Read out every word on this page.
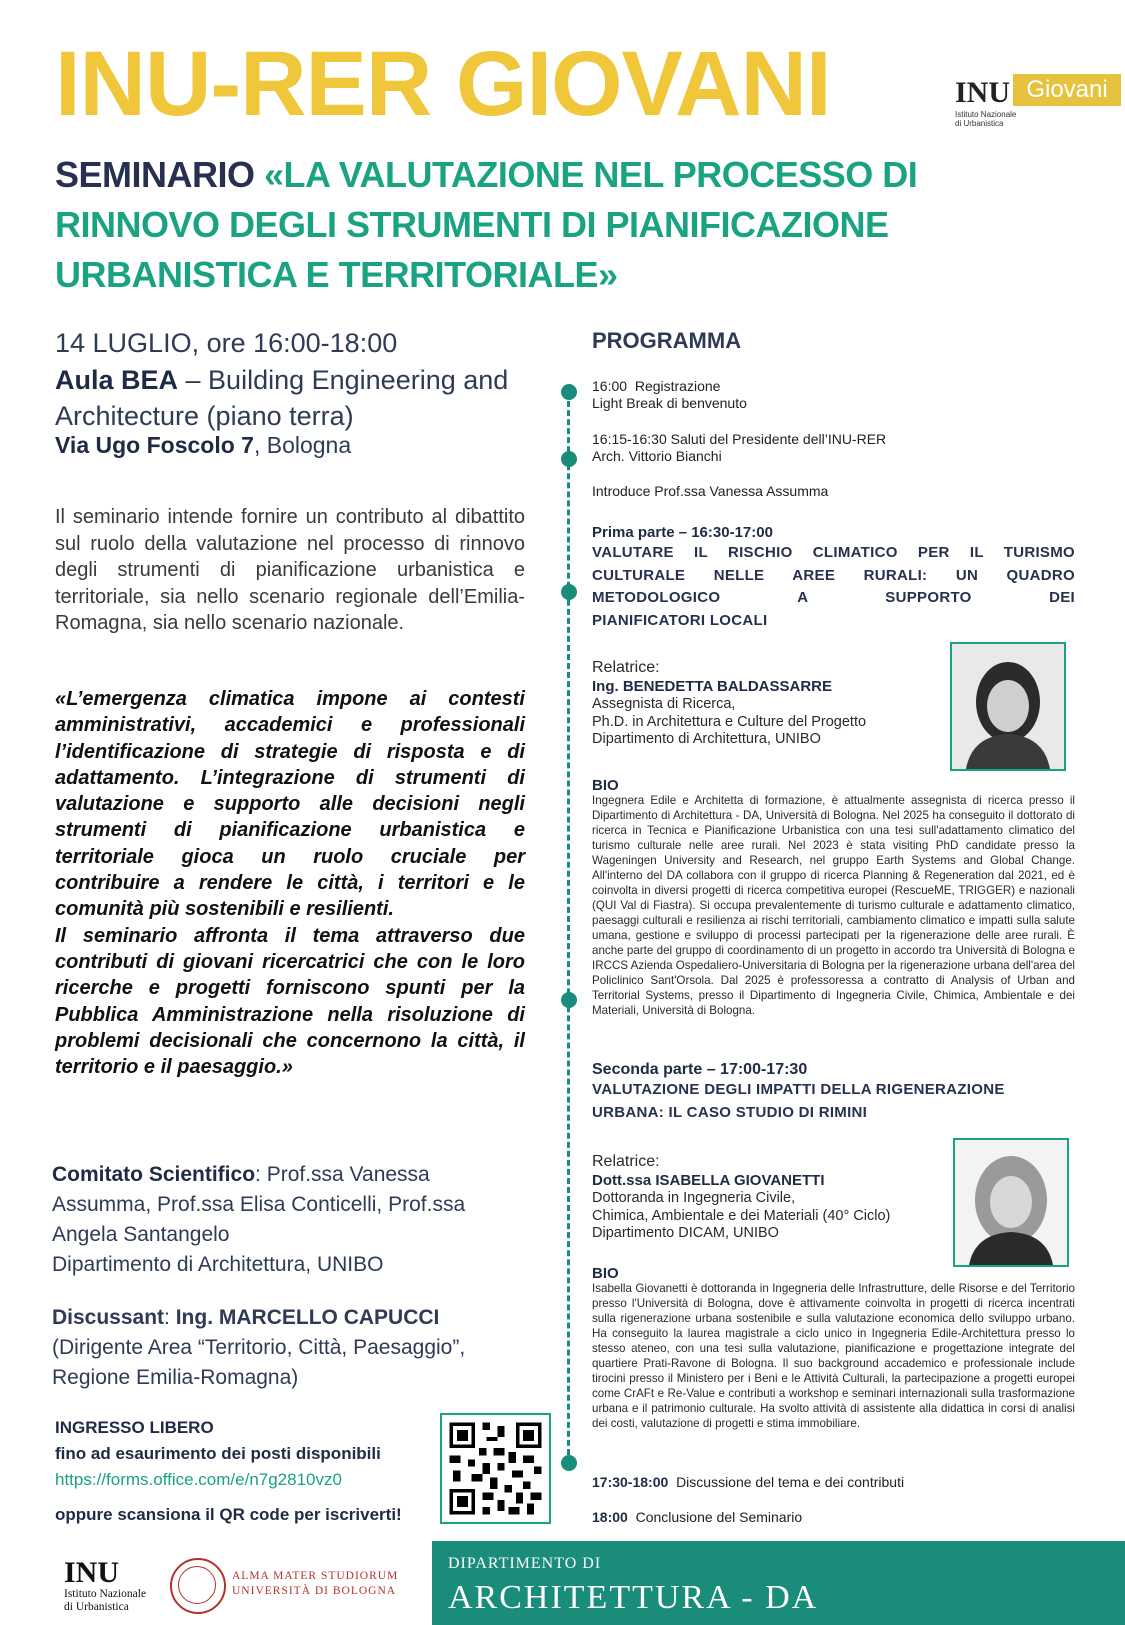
INU-RER GIOVANI	INU Giovani
Istituto Nazionale
di Urbanistica
SEMINARIO «LA VALUTAZIONE NEL PROCESSO DI RINNOVO DEGLI STRUMENTI DI PIANIFICAZIONE URBANISTICA E TERRITORIALE»
14 LUGLIO, ore 16:00-18:00
Aula BEA – Building Engineering and Architecture (piano terra)
Via Ugo Foscolo 7, Bologna
Il seminario intende fornire un contributo al dibattito sul ruolo della valutazione nel processo di rinnovo degli strumenti di pianificazione urbanistica e territoriale, sia nello scenario regionale dell’Emilia-Romagna, sia nello scenario nazionale.
«L’emergenza climatica impone ai contesti amministrativi, accademici e professionali l’identificazione di strategie di risposta e di adattamento. L’integrazione di strumenti di valutazione e supporto alle decisioni negli strumenti di pianificazione urbanistica e territoriale gioca un ruolo cruciale per contribuire a rendere le città, i territori e le comunità più sostenibili e resilienti.
Il seminario affronta il tema attraverso due contributi di giovani ricercatrici che con le loro ricerche e progetti forniscono spunti per la Pubblica Amministrazione nella risoluzione di problemi decisionali che concernono la città, il territorio e il paesaggio.»
Comitato Scientifico: Prof.ssa Vanessa Assumma, Prof.ssa Elisa Conticelli, Prof.ssa Angela Santangelo
Dipartimento di Architettura, UNIBO
Discussant: Ing. MARCELLO CAPUCCI
(Dirigente Area “Territorio, Città, Paesaggio”, Regione Emilia-Romagna)
INGRESSO LIBERO
fino ad esaurimento dei posti disponibili
https://forms.office.com/e/n7g2810vz0
oppure scansiona il QR code per iscriverti!
PROGRAMMA
16:00 Registrazione
Light Break di benvenuto
16:15-16:30 Saluti del Presidente dell’INU-RER
Arch. Vittorio Bianchi
Introduce Prof.ssa Vanessa Assumma
Prima parte – 16:30-17:00
VALUTARE IL RISCHIO CLIMATICO PER IL TURISMO CULTURALE NELLE AREE RURALI: UN QUADRO METODOLOGICO A SUPPORTO DEI
PIANIFICATORI LOCALI
Relatrice:
Ing. BENEDETTA BALDASSARRE
Assegnista di Ricerca,
Ph.D. in Architettura e Culture del Progetto
Dipartimento di Architettura, UNIBO
BIO
Ingegnera Edile e Architetta di formazione, è attualmente assegnista di ricerca presso il Dipartimento di Architettura - DA, Università di Bologna. Nel 2025 ha conseguito il dottorato di ricerca in Tecnica e Pianificazione Urbanistica con una tesi sull'adattamento climatico del turismo culturale nelle aree rurali. Nel 2023 è stata visiting PhD candidate presso la Wageningen University and Research, nel gruppo Earth Systems and Global Change. All'interno del DA collabora con il gruppo di ricerca Planning & Regeneration dal 2021, ed è coinvolta in diversi progetti di ricerca competitiva europei (RescueME, TRIGGER) e nazionali (QUI Val di Fiastra). Si occupa prevalentemente di turismo culturale e adattamento climatico, paesaggi culturali e resilienza ai rischi territoriali, cambiamento climatico e impatti sulla salute umana, gestione e sviluppo di processi partecipati per la rigenerazione delle aree rurali. È anche parte del gruppo di coordinamento di un progetto in accordo tra Università di Bologna e IRCCS Azienda Ospedaliero-Universitaria di Bologna per la rigenerazione urbana dell'area del Policlinico Sant'Orsola. Dal 2025 è professoressa a contratto di Analysis of Urban and Territorial Systems, presso il Dipartimento di Ingegneria Civile, Chimica, Ambientale e dei Materiali, Università di Bologna.
Seconda parte – 17:00-17:30
VALUTAZIONE DEGLI IMPATTI DELLA RIGENERAZIONE
URBANA: IL CASO STUDIO DI RIMINI
Relatrice:
Dott.ssa ISABELLA GIOVANETTI
Dottoranda in Ingegneria Civile,
Chimica, Ambientale e dei Materiali (40° Ciclo)
Dipartimento DICAM, UNIBO
BIO
Isabella Giovanetti è dottoranda in Ingegneria delle Infrastrutture, delle Risorse e del Territorio presso l'Università di Bologna, dove è attivamente coinvolta in progetti di ricerca incentrati sulla rigenerazione urbana sostenibile e sulla valutazione economica dello sviluppo urbano. Ha conseguito la laurea magistrale a ciclo unico in Ingegneria Edile-Architettura presso lo stesso ateneo, con una tesi sulla valutazione, pianificazione e progettazione integrate del quartiere Prati-Ravone di Bologna. Il suo background accademico e professionale include tirocini presso il Ministero per i Beni e le Attività Culturali, la partecipazione a progetti europei come CrAFt e Re-Value e contributi a workshop e seminari internazionali sulla trasformazione urbana e il patrimonio culturale. Ha svolto attività di assistente alla didattica in corsi di analisi dei costi, valutazione di progetti e stima immobiliare.
17:30-18:00 Discussione del tema e dei contributi
18:00 Conclusione del Seminario
INU
Istituto Nazionale
di Urbanistica
ALMA MATER STUDIORUM
UNIVERSITÀ DI BOLOGNA
DIPARTIMENTO DI
ARCHITETTURA - DA
